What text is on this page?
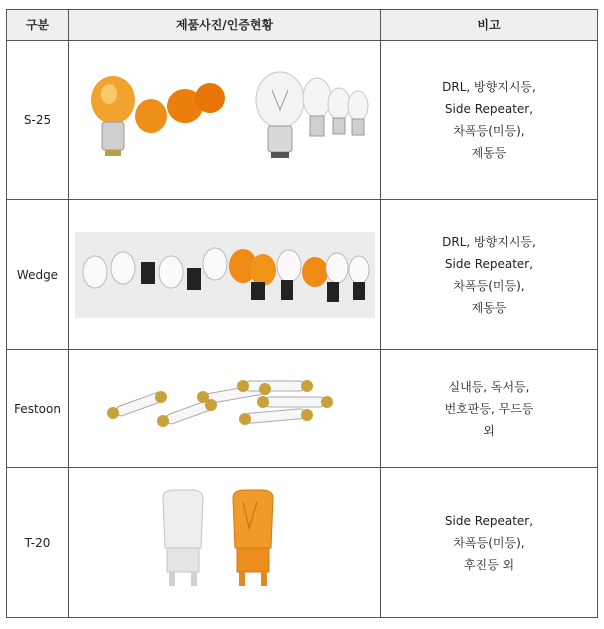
구분	제품사진/인증현황	비고
S-25		DRL, 방향지시등,
Side Repeater,
차폭등(미등),
제동등

Wedge		DRL, 방향지시등,
Side Repeater,
차폭등(미등),
제동등

Festoon		실내등, 독서등,
번호판등, 무드등
외

T-20		Side Repeater,
차폭등(미등),
후진등 외
